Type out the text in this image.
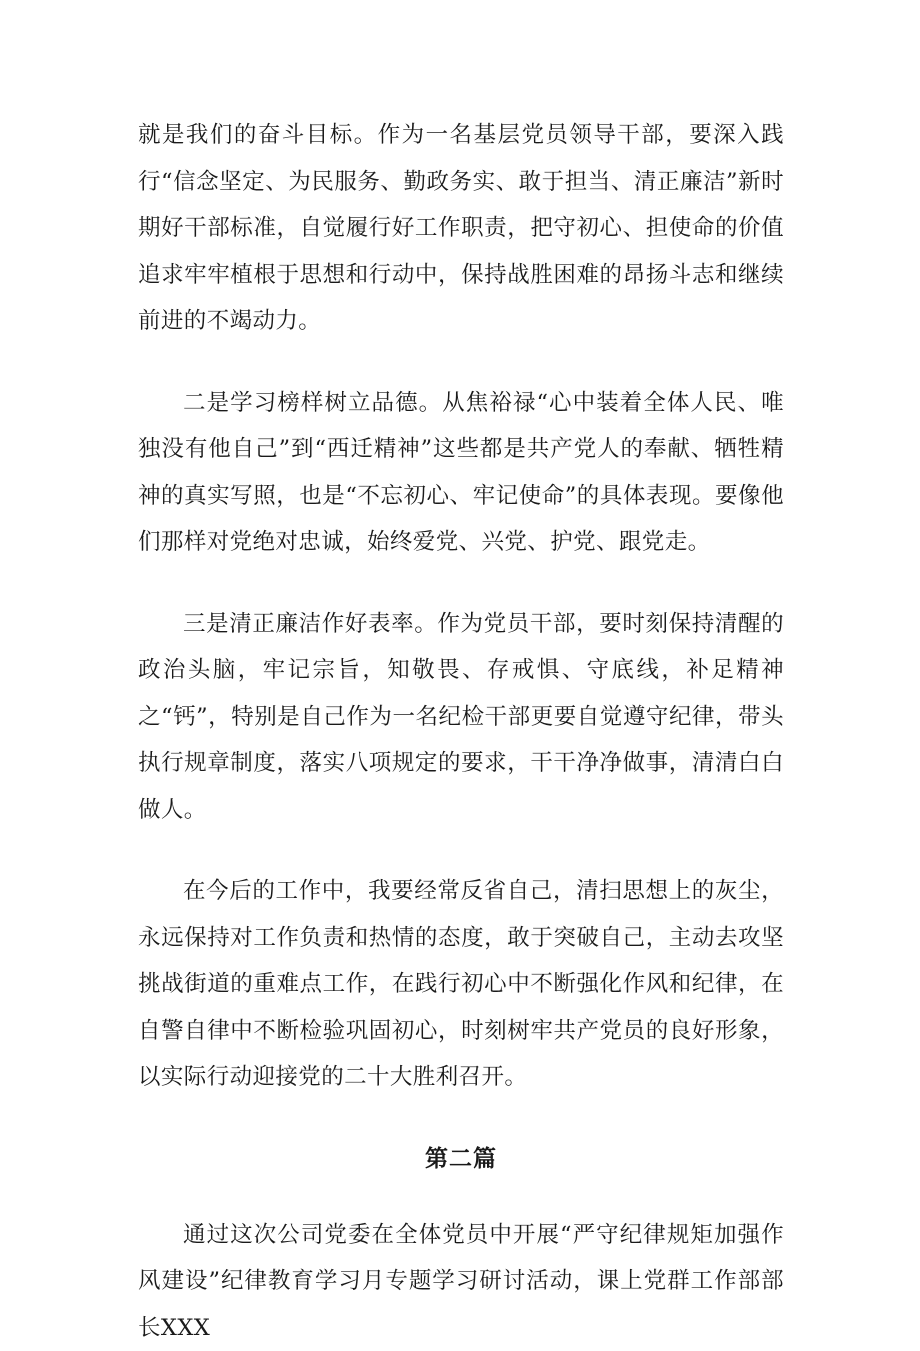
就是我们的奋斗目标。作为一名基层党员领导干部，要深入践行“信念坚定、为民服务、勤政务实、敢于担当、清正廉洁”新时期好干部标准，自觉履行好工作职责，把守初心、担使命的价值追求牢牢植根于思想和行动中，保持战胜困难的昂扬斗志和继续前进的不竭动力。

二是学习榜样树立品德。从焦裕禄“心中装着全体人民、唯独没有他自己”到“西迁精神”这些都是共产党人的奉献、牺牲精神的真实写照，也是“不忘初心、牢记使命”的具体表现。要像他们那样对党绝对忠诚，始终爱党、兴党、护党、跟党走。

三是清正廉洁作好表率。作为党员干部，要时刻保持清醒的政治头脑，牢记宗旨，知敬畏、存戒惧、守底线，补足精神之“钙”，特别是自己作为一名纪检干部更要自觉遵守纪律，带头执行规章制度，落实八项规定的要求，干干净净做事，清清白白做人。

在今后的工作中，我要经常反省自己，清扫思想上的灰尘，永远保持对工作负责和热情的态度，敢于突破自己，主动去攻坚挑战街道的重难点工作，在践行初心中不断强化作风和纪律，在自警自律中不断检验巩固初心，时刻树牢共产党员的良好形象，以实际行动迎接党的二十大胜利召开。

第二篇

通过这次公司党委在全体党员中开展“严守纪律规矩加强作风建设”纪律教育学习月专题学习研讨活动，课上党群工作部部长XXX
